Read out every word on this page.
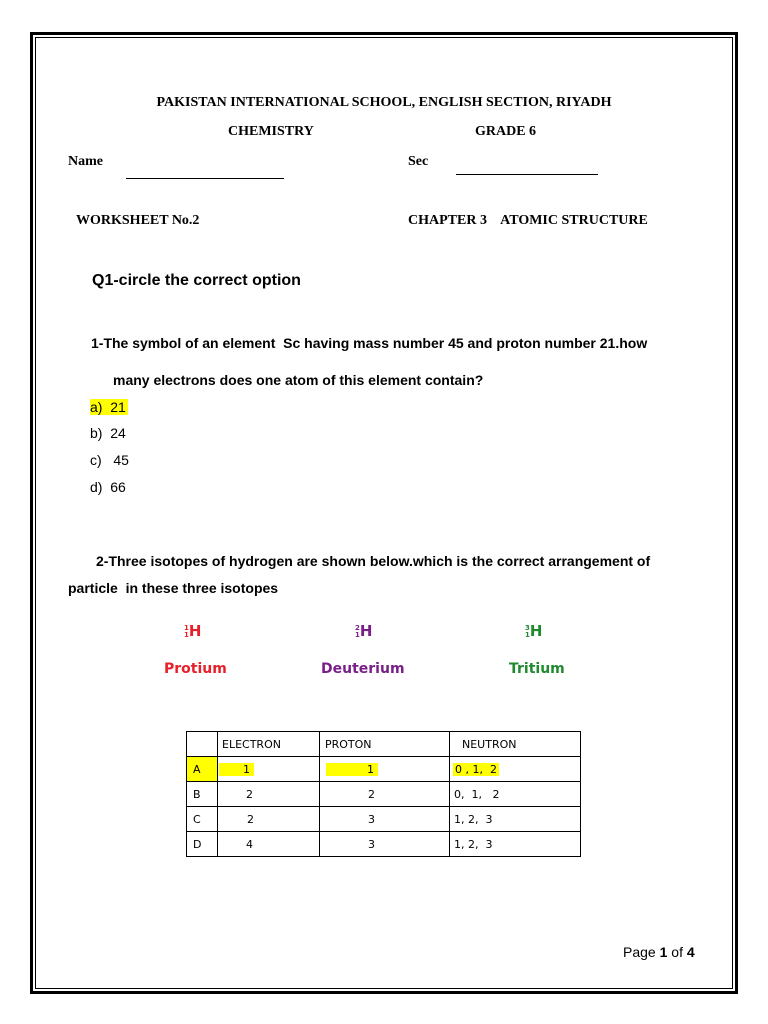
PAKISTAN INTERNATIONAL SCHOOL, ENGLISH SECTION, RIYADH
CHEMISTRY	GRADE 6
Name	Sec
WORKSHEET No.2	CHAPTER 3    ATOMIC STRUCTURE
Q1-circle the correct option
1-The symbol of an element  Sc having mass number 45 and proton number 21.how
many electrons does one atom of this element contain?
a) 21
b) 24
c) 45
d) 66
2-Three isotopes of hydrogen are shown below.which is the correct arrangement of
particle  in these three isotopes
1
1H
Protium
2
1H
Deuterium
3
1H
Tritium
	ELECTRON	PROTON	NEUTRON
A	1	1	0 , 1,  2
B	2	2	0,  1,   2
C	2	3	1, 2,  3
D	4	3	1, 2,  3
Page 1 of 4
